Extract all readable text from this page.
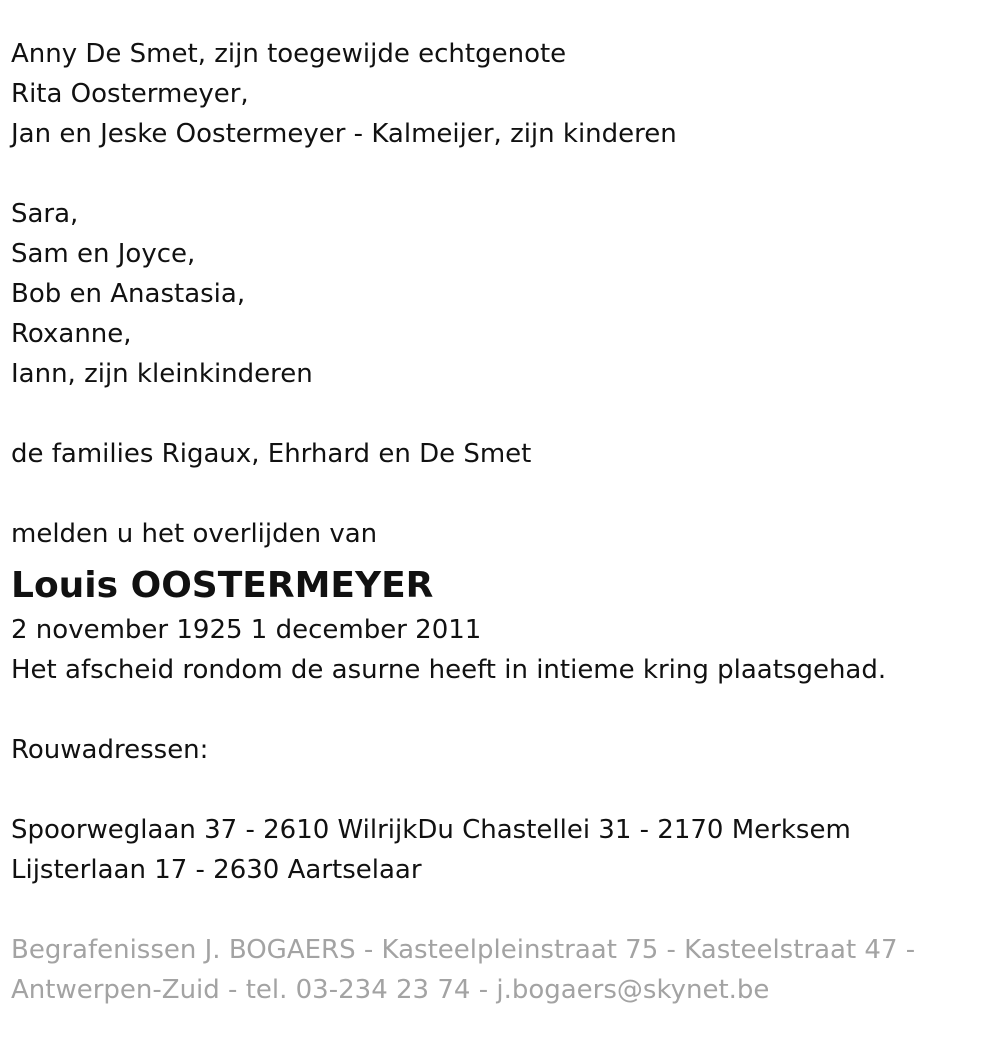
Anny De Smet, zijn toegewijde echtgenote
Rita Oostermeyer,
Jan en Jeske Oostermeyer - Kalmeijer, zijn kinderen
Sara,
Sam en Joyce,
Bob en Anastasia,
Roxanne,
Iann, zijn kleinkinderen
de families Rigaux, Ehrhard en De Smet
melden u het overlijden van
Louis OOSTERMEYER
2 november 1925 1 december 2011
Het afscheid rondom de asurne heeft in intieme kring plaatsgehad.
Rouwadressen:
Spoorweglaan 37 - 2610 WilrijkDu Chastellei 31 - 2170 Merksem
Lijsterlaan 17 - 2630 Aartselaar
Begrafenissen J. BOGAERS - Kasteelpleinstraat 75 - Kasteelstraat 47 -
Antwerpen-Zuid - tel. 03-234 23 74 - j.bogaers@skynet.be
